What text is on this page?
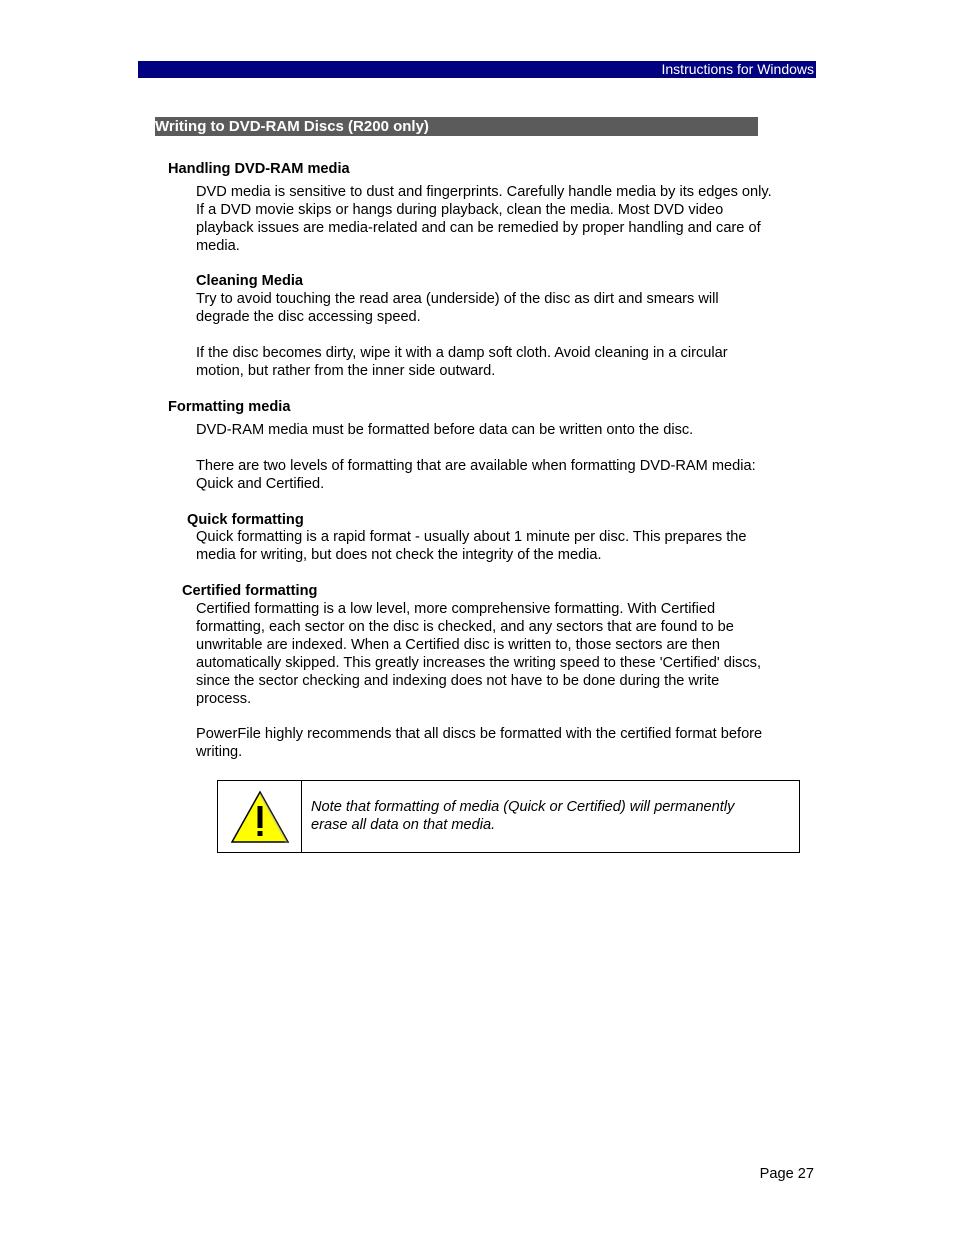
Instructions for Windows
Writing to DVD-RAM Discs (R200 only)
Handling DVD-RAM media
DVD media is sensitive to dust and fingerprints. Carefully handle media by its edges only.
If a DVD movie skips or hangs during playback, clean the media. Most DVD video
playback issues are media-related and can be remedied by proper handling and care of
media.
Cleaning Media
Try to avoid touching the read area (underside) of the disc as dirt and smears will
degrade the disc accessing speed.
If the disc becomes dirty, wipe it with a damp soft cloth. Avoid cleaning in a circular
motion, but rather from the inner side outward.
Formatting media
DVD-RAM media must be formatted before data can be written onto the disc.
There are two levels of formatting that are available when formatting DVD-RAM media:
Quick and Certified.
Quick formatting
Quick formatting is a rapid format - usually about 1 minute per disc. This prepares the
media for writing, but does not check the integrity of the media.
Certified formatting
Certified formatting is a low level, more comprehensive formatting. With Certified
formatting, each sector on the disc is checked, and any sectors that are found to be
unwritable are indexed. When a Certified disc is written to, those sectors are then
automatically skipped. This greatly increases the writing speed to these 'Certified' discs,
since the sector checking and indexing does not have to be done during the write
process.
PowerFile highly recommends that all discs be formatted with the certified format before
writing.
Note that formatting of media (Quick or Certified) will permanently
erase all data on that media.
Page 27
